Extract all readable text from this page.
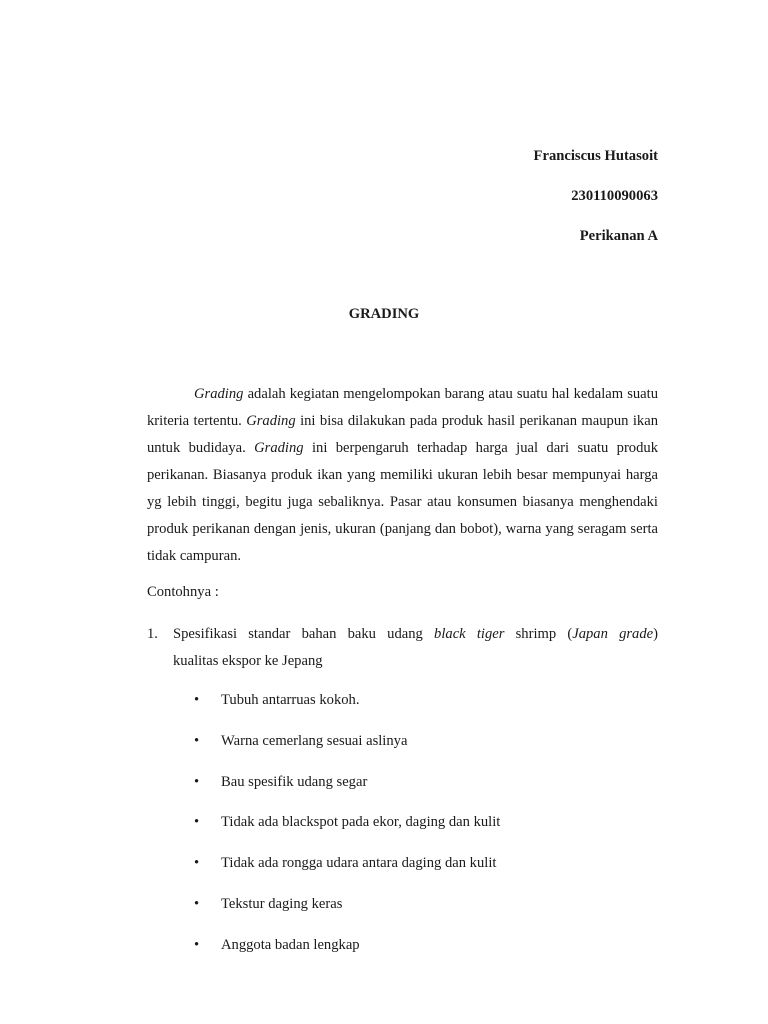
Franciscus Hutasoit
230110090063
Perikanan A
GRADING

Grading adalah kegiatan mengelompokan barang atau suatu hal kedalam suatu kriteria tertentu. Grading ini bisa dilakukan pada produk hasil perikanan maupun ikan untuk budidaya. Grading ini berpengaruh terhadap harga jual dari suatu produk perikanan. Biasanya produk ikan yang memiliki ukuran lebih besar mempunyai harga yg lebih tinggi, begitu juga sebaliknya. Pasar atau konsumen biasanya menghendaki produk perikanan dengan jenis, ukuran (panjang dan bobot), warna yang seragam serta tidak campuran.

Contohnya :
1. Spesifikasi standar bahan baku udang black tiger shrimp (Japan grade)
kualitas ekspor ke Jepang
• Tubuh antarruas kokoh.
• Warna cemerlang sesuai aslinya
• Bau spesifik udang segar
• Tidak ada blackspot pada ekor, daging dan kulit
• Tidak ada rongga udara antara daging dan kulit
• Tekstur daging keras
• Anggota badan lengkap
